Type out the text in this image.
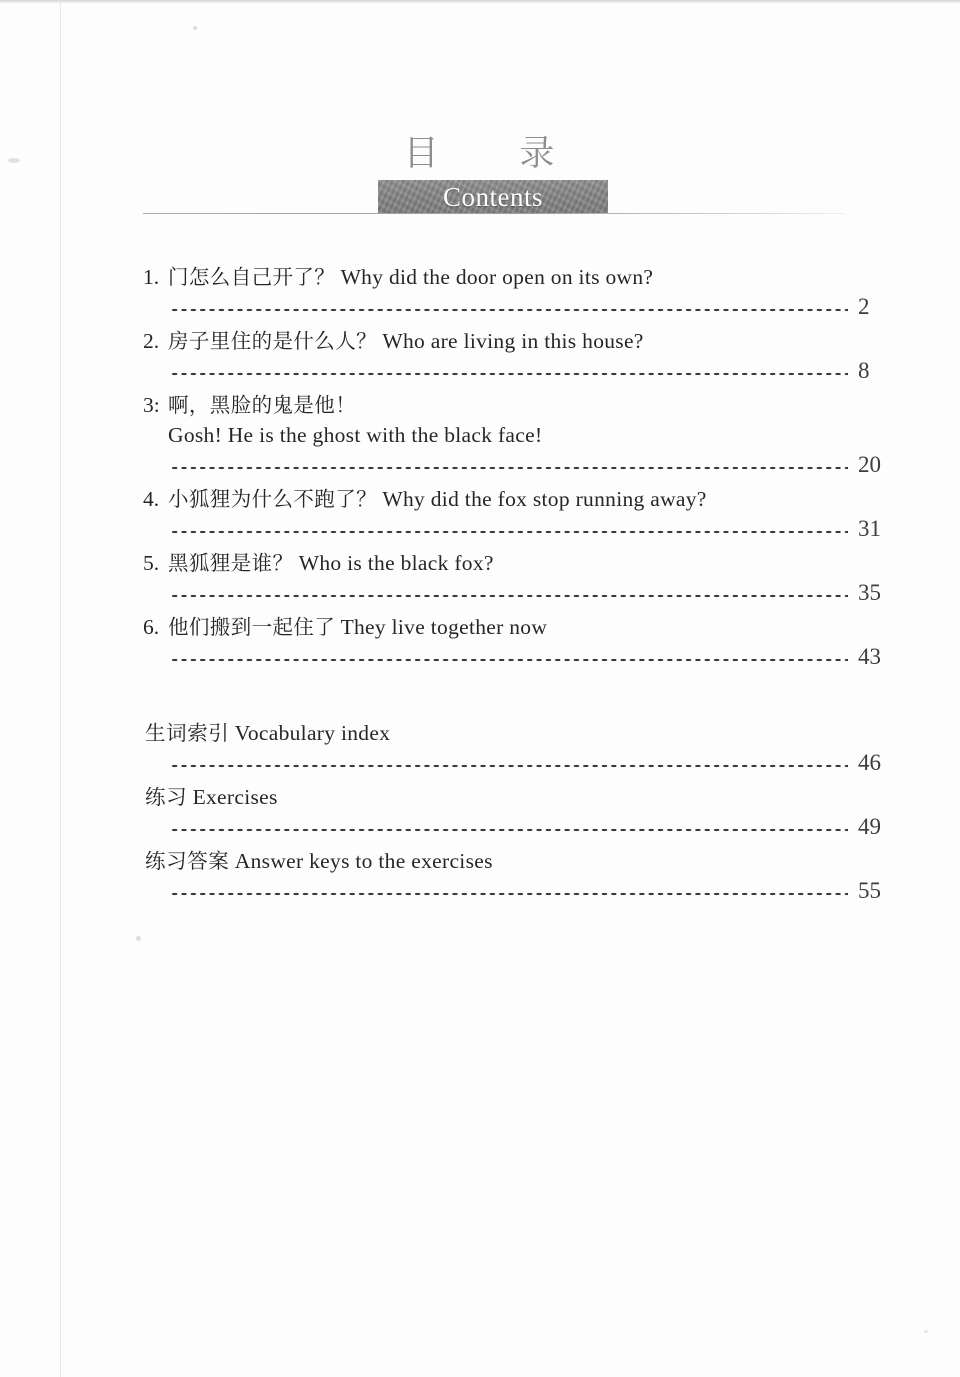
目      录
Contents
1. 门怎么自己开了？ Why did the door open on its own?
2
2. 房子里住的是什么人？ Who are living in this house?
8
3: 啊，黑脸的鬼是他！
Gosh! He is the ghost with the black face!
20
4. 小狐狸为什么不跑了？ Why did the fox stop running away?
31
5. 黑狐狸是谁？ Who is the black fox?
35
6. 他们搬到一起住了 They live together now
43
生词索引 Vocabulary index
46
练习 Exercises
49
练习答案 Answer keys to the exercises
55
